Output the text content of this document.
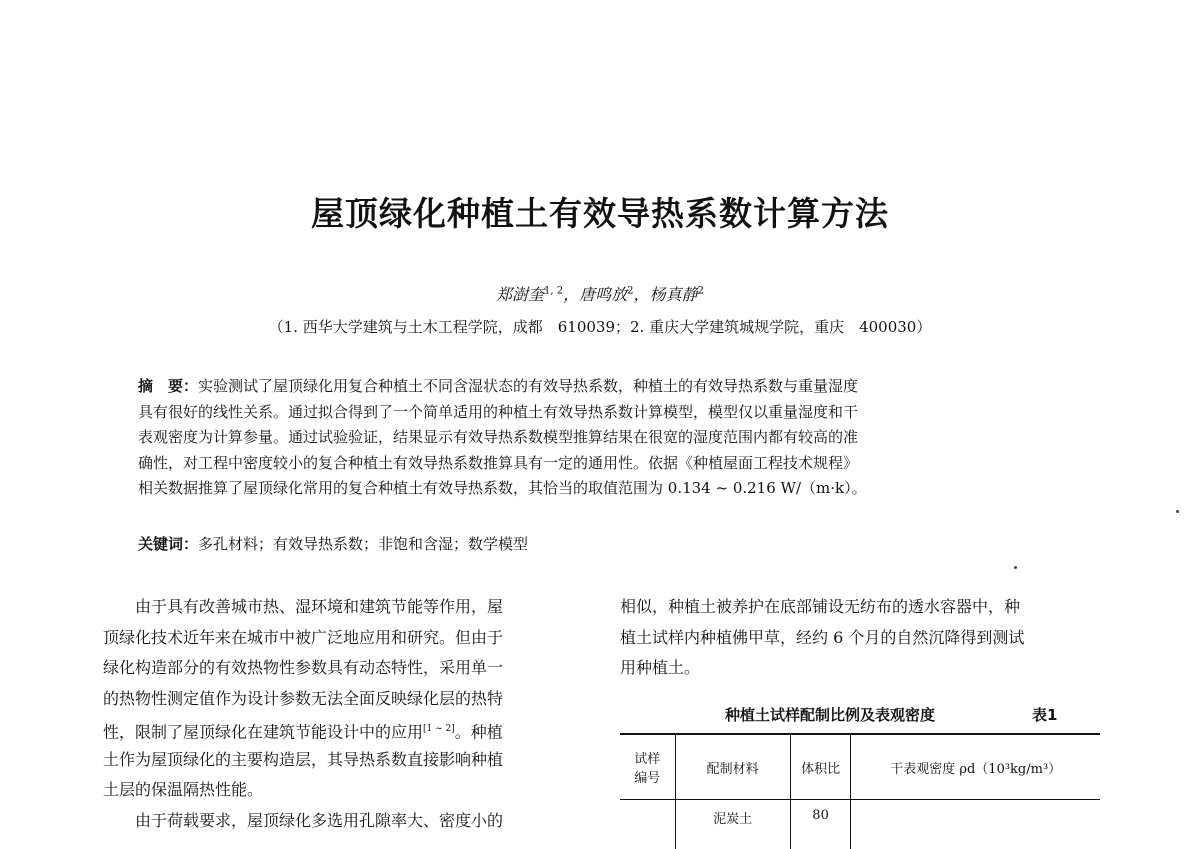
屋顶绿化种植土有效导热系数计算方法
郑澍奎$^{1, 2}$，唐鸣放$^2$，杨真静$^2$
（1. 西华大学建筑与土木工程学院，成都　610039；2. 重庆大学建筑城规学院，重庆　400030）
摘　要：实验测试了屋顶绿化用复合种植土不同含湿状态的有效导热系数，种植土的有效导热系数与重量湿度
具有很好的线性关系。通过拟合得到了一个简单适用的种植土有效导热系数计算模型，模型仅以重量湿度和干
表观密度为计算参量。通过试验验证，结果显示有效导热系数模型推算结果在很宽的湿度范围内都有较高的准
确性，对工程中密度较小的复合种植土有效导热系数推算具有一定的通用性。依据《种植屋面工程技术规程》
相关数据推算了屋顶绿化常用的复合种植土有效导热系数，其恰当的取值范围为 0.134 ~ 0.216 W/（m·k）。
关键词：多孔材料；有效导热系数；非饱和含湿；数学模型
　　由于具有改善城市热、湿环境和建筑节能等作用，屋
顶绿化技术近年来在城市中被广泛地应用和研究。但由于
绿化构造部分的有效热物性参数具有动态特性，采用单一
的热物性测定值作为设计参数无法全面反映绿化层的热特
性，限制了屋顶绿化在建筑节能设计中的应用[1 ~ 2]。种植
土作为屋顶绿化的主要构造层，其导热系数直接影响种植
土层的保温隔热性能。
　　由于荷载要求，屋顶绿化多选用孔隙率大、密度小的
相似，种植土被养护在底部铺设无纺布的透水容器中，种
植土试样内种植佛甲草，经约 6 个月的自然沉降得到测试
用种植土。
种植土试样配制比例及表观密度	表1
试样
编号	配制材料	体积比	干表观密度 ρd（10³kg/m³）
	泥炭土	80	
